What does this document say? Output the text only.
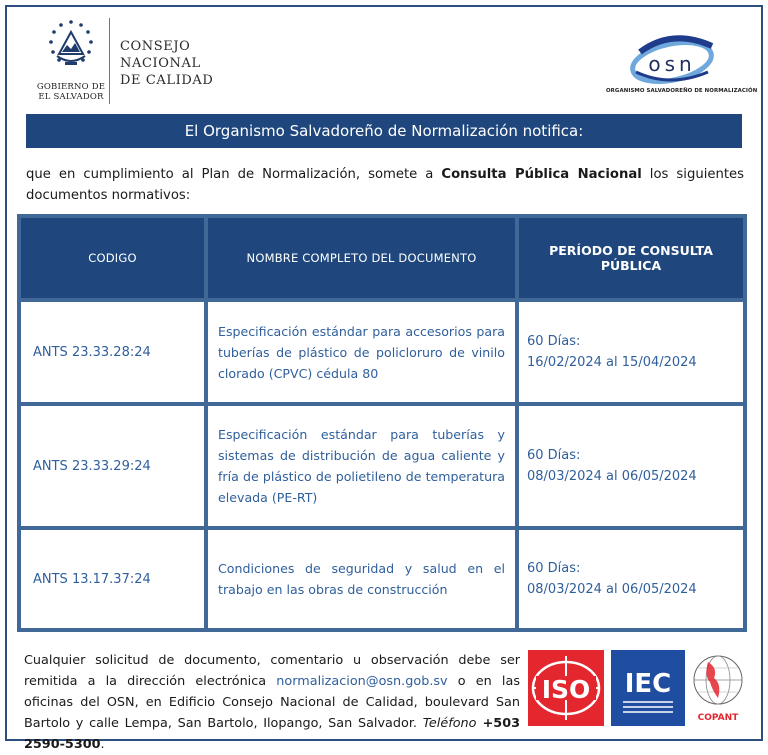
GOBIERNO DE
EL SALVADOR
CONSEJO
NACIONAL
DE CALIDAD
osn
ORGANISMO SALVADOREÑO DE NORMALIZACIÓN
El Organismo Salvadoreño de Normalización notifica:
que en cumplimiento al Plan de Normalización, somete a Consulta Pública Nacional los siguientes documentos normativos:
CODIGO	NOMBRE COMPLETO DEL DOCUMENTO	PERÍODO DE CONSULTA PÚBLICA
ANTS 23.33.28:24
Especificación estándar para accesorios para tuberías de plástico de policloruro de vinilo clorado (CPVC) cédula 80
60 Días:
16/02/2024 al 15/04/2024
ANTS 23.33.29:24
Especificación estándar para tuberías y sistemas de distribución de agua caliente y fría de plástico de polietileno de temperatura elevada (PE-RT)
60 Días:
08/03/2024 al 06/05/2024
ANTS 13.17.37:24
Condiciones de seguridad y salud en el trabajo en las obras de construcción
60 Días:
08/03/2024 al 06/05/2024
Cualquier solicitud de documento, comentario u observación debe ser remitida a la dirección electrónica normalizacion@osn.gob.sv o en las oficinas del OSN, en Edificio Consejo Nacional de Calidad, boulevard San Bartolo y calle Lempa, San Bartolo, Ilopango, San Salvador. Teléfono +503 2590-5300.
ISO IEC
COPANT
